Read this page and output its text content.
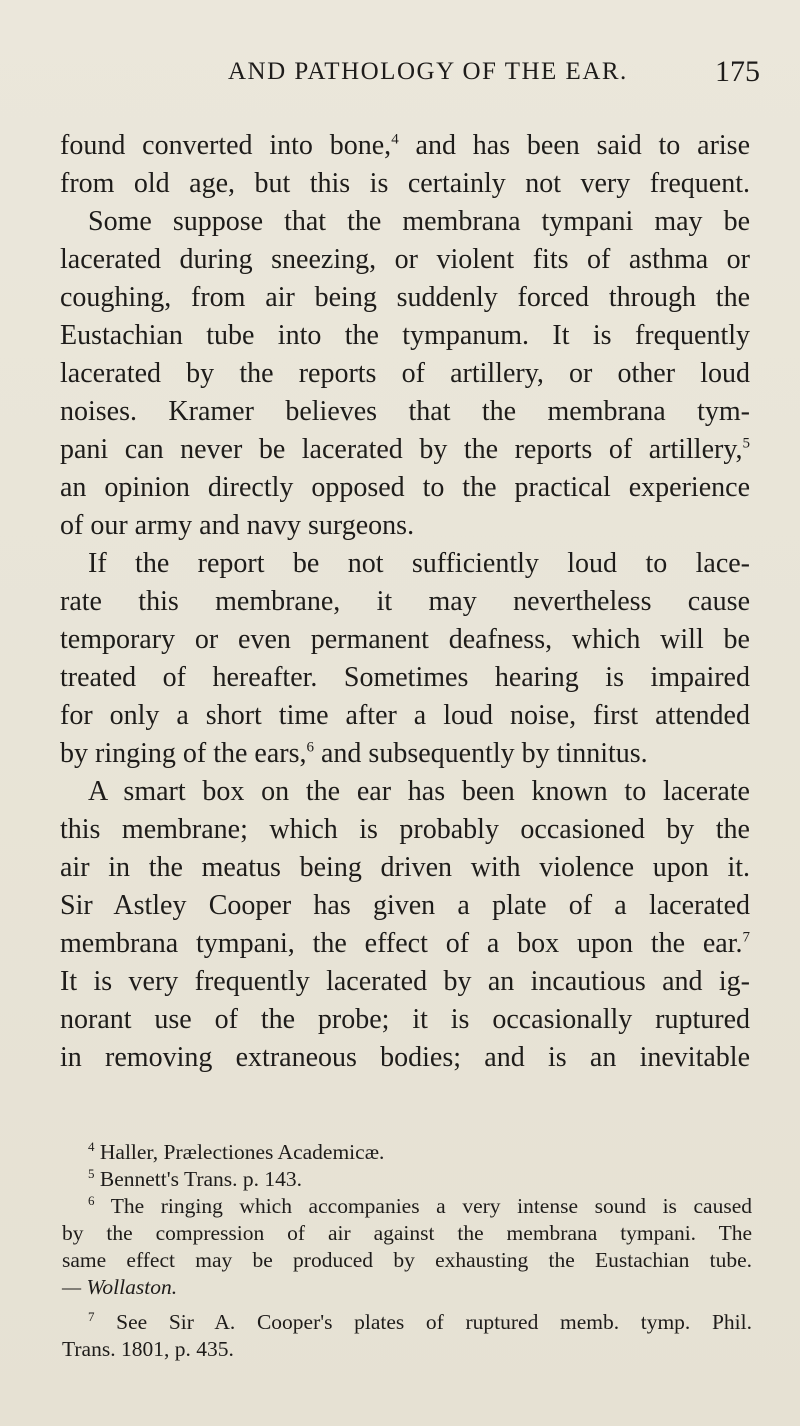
AND PATHOLOGY OF THE EAR.	175
found converted into bone,$^4$ and has been said to arise
from old age, but this is certainly not very frequent.
Some suppose that the membrana tympani may be
lacerated during sneezing, or violent fits of asthma or
coughing, from air being suddenly forced through the
Eustachian tube into the tympanum. It is frequently
lacerated by the reports of artillery, or other loud
noises. Kramer believes that the membrana tym-
pani can never be lacerated by the reports of artillery,$^5$
an opinion directly opposed to the practical experience
of our army and navy surgeons.
If the report be not sufficiently loud to lace-
rate this membrane, it may nevertheless cause
temporary or even permanent deafness, which will be
treated of hereafter. Sometimes hearing is impaired
for only a short time after a loud noise, first attended
by ringing of the ears,$^6$ and subsequently by tinnitus.
A smart box on the ear has been known to lacerate
this membrane; which is probably occasioned by the
air in the meatus being driven with violence upon it.
Sir Astley Cooper has given a plate of a lacerated
membrana tympani, the effect of a box upon the ear.$^7$
It is very frequently lacerated by an incautious and ig-
norant use of the probe; it is occasionally ruptured
in removing extraneous bodies; and is an inevitable
$^4$ Haller, Prælectiones Academicæ.
$^5$ Bennett's Trans. p. 143.
$^6$ The ringing which accompanies a very intense sound is caused
by the compression of air against the membrana tympani. The
same effect may be produced by exhausting the Eustachian tube.
— Wollaston.
$^7$ See Sir A. Cooper's plates of ruptured memb. tymp. Phil.
Trans. 1801, p. 435.
